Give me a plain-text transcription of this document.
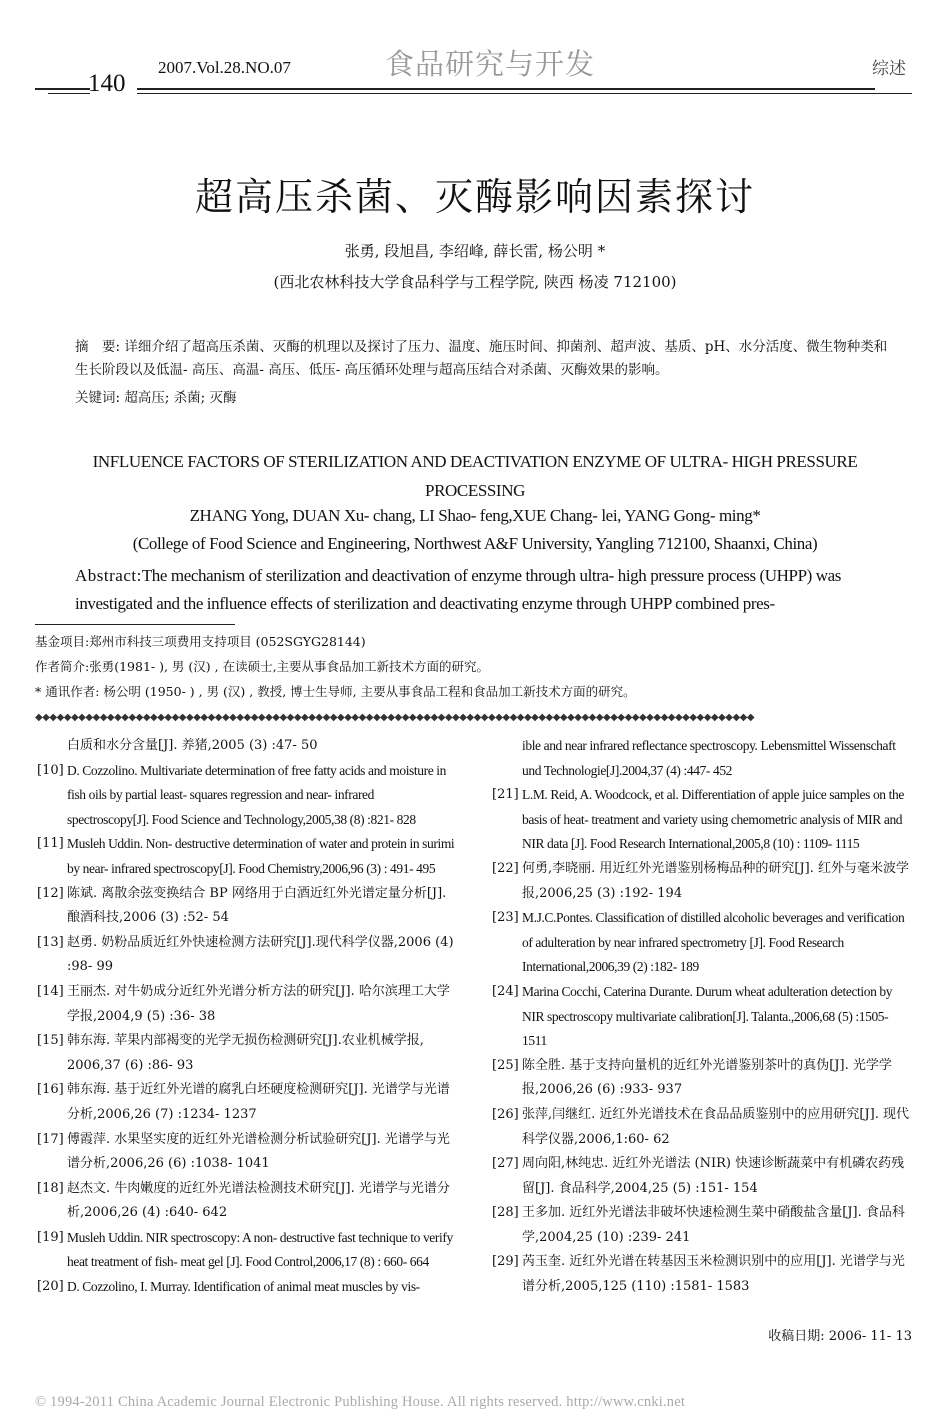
140
2007.Vol.28.NO.07	食品研究与开发	综述
超高压杀菌、灭酶影响因素探讨
张勇, 段旭昌, 李绍峰, 薛长雷, 杨公明 *
(西北农林科技大学食品科学与工程学院, 陕西 杨凌 712100)
摘　要: 详细介绍了超高压杀菌、灭酶的机理以及探讨了压力、温度、施压时间、抑菌剂、超声波、基质、pH、水分活度、微生物种类和生长阶段以及低温- 高压、高温- 高压、低压- 高压循环处理与超高压结合对杀菌、灭酶效果的影响。
关键词: 超高压; 杀菌; 灭酶
INFLUENCE FACTORS OF STERILIZATION AND DEACTIVATION ENZYME OF ULTRA- HIGH PRESSURE PROCESSING
ZHANG Yong, DUAN Xu- chang, LI Shao- feng,XUE Chang- lei, YANG Gong- ming*
(College of Food Science and Engineering, Northwest A&F University, Yangling 712100, Shaanxi, China)
Abstract:The mechanism of sterilization and deactivation of enzyme through ultra- high pressure process (UHPP) was investigated and the influence effects of sterilization and deactivating enzyme through UHPP combined pres-
基金项目:郑州市科技三项费用支持项目 (052SGYG28144)
作者简介:张勇(1981- ), 男 (汉) , 在读硕士,主要从事食品加工新技术方面的研究。
* 通讯作者: 杨公明 (1950- ) , 男 (汉) , 教授, 博士生导师, 主要从事食品工程和食品加工新技术方面的研究。
◆◆◆◆◆◆◆◆◆◆◆◆◆◆◆◆◆◆◆◆◆◆◆◆◆◆◆◆◆◆◆◆◆◆◆◆◆◆◆◆◆◆◆◆◆◆◆◆◆◆◆◆◆◆◆◆◆◆◆◆◆◆◆◆◆◆◆◆◆◆◆◆◆◆◆◆◆◆◆◆◆◆◆◆◆◆◆◆◆◆◆◆◆◆◆◆◆◆◆◆
白质和水分含量[J]. 养猪,2005 (3) :47- 50
[10] D. Cozzolino. Multivariate determination of free fatty acids and moisture in fish oils by partial least- squares regression and near- infrared spectroscopy[J]. Food Science and Technology,2005,38 (8) :821- 828
[11] Musleh Uddin. Non- destructive determination of water and protein in surimi by near- infrared spectroscopy[J]. Food Chemistry,2006,96 (3) : 491- 495
[12] 陈斌. 离散余弦变换结合 BP 网络用于白酒近红外光谱定量分析[J]. 酿酒科技,2006 (3) :52- 54
[13] 赵勇. 奶粉品质近红外快速检测方法研究[J].现代科学仪器,2006 (4) :98- 99
[14] 王丽杰. 对牛奶成分近红外光谱分析方法的研究[J]. 哈尔滨理工大学学报,2004,9 (5) :36- 38
[15] 韩东海. 苹果内部褐变的光学无损伤检测研究[J].农业机械学报, 2006,37 (6) :86- 93
[16] 韩东海. 基于近红外光谱的腐乳白坯硬度检测研究[J]. 光谱学与光谱分析,2006,26 (7) :1234- 1237
[17] 傅霞萍. 水果坚实度的近红外光谱检测分析试验研究[J]. 光谱学与光谱分析,2006,26 (6) :1038- 1041
[18] 赵杰文. 牛肉嫩度的近红外光谱法检测技术研究[J]. 光谱学与光谱分析,2006,26 (4) :640- 642
[19] Musleh Uddin. NIR spectroscopy: A non- destructive fast technique to verify heat treatment of fish- meat gel [J]. Food Control,2006,17 (8) : 660- 664
[20] D. Cozzolino, I. Murray. Identification of animal meat muscles by vis-
ible and near infrared reflectance spectroscopy. Lebensmittel Wissenschaft und Technologie[J].2004,37 (4) :447- 452
[21] L.M. Reid, A. Woodcock, et al. Differentiation of apple juice samples on the basis of heat- treatment and variety using chemometric analysis of MIR and NIR data [J]. Food Research International,2005,8 (10) : 1109- 1115
[22] 何勇,李晓丽. 用近红外光谱鉴别杨梅品种的研究[J]. 红外与毫米波学报,2006,25 (3) :192- 194
[23] M.J.C.Pontes. Classification of distilled alcoholic beverages and verification of adulteration by near infrared spectrometry [J]. Food Research International,2006,39 (2) :182- 189
[24] Marina Cocchi, Caterina Durante. Durum wheat adulteration detection by NIR spectroscopy multivariate calibration[J]. Talanta.,2006,68 (5) :1505- 1511
[25] 陈全胜. 基于支持向量机的近红外光谱鉴别茶叶的真伪[J]. 光学学报,2006,26 (6) :933- 937
[26] 张萍,闫继红. 近红外光谱技术在食品品质鉴别中的应用研究[J]. 现代科学仪器,2006,1:60- 62
[27] 周向阳,林纯忠. 近红外光谱法 (NIR) 快速诊断蔬菜中有机磷农药残留[J]. 食品科学,2004,25 (5) :151- 154
[28] 王多加. 近红外光谱法非破坏快速检测生菜中硝酸盐含量[J]. 食品科学,2004,25 (10) :239- 241
[29] 芮玉奎. 近红外光谱在转基因玉米检测识别中的应用[J]. 光谱学与光谱分析,2005,125 (110) :1581- 1583
收稿日期: 2006- 11- 13
© 1994-2011 China Academic Journal Electronic Publishing House. All rights reserved. http://www.cnki.net
